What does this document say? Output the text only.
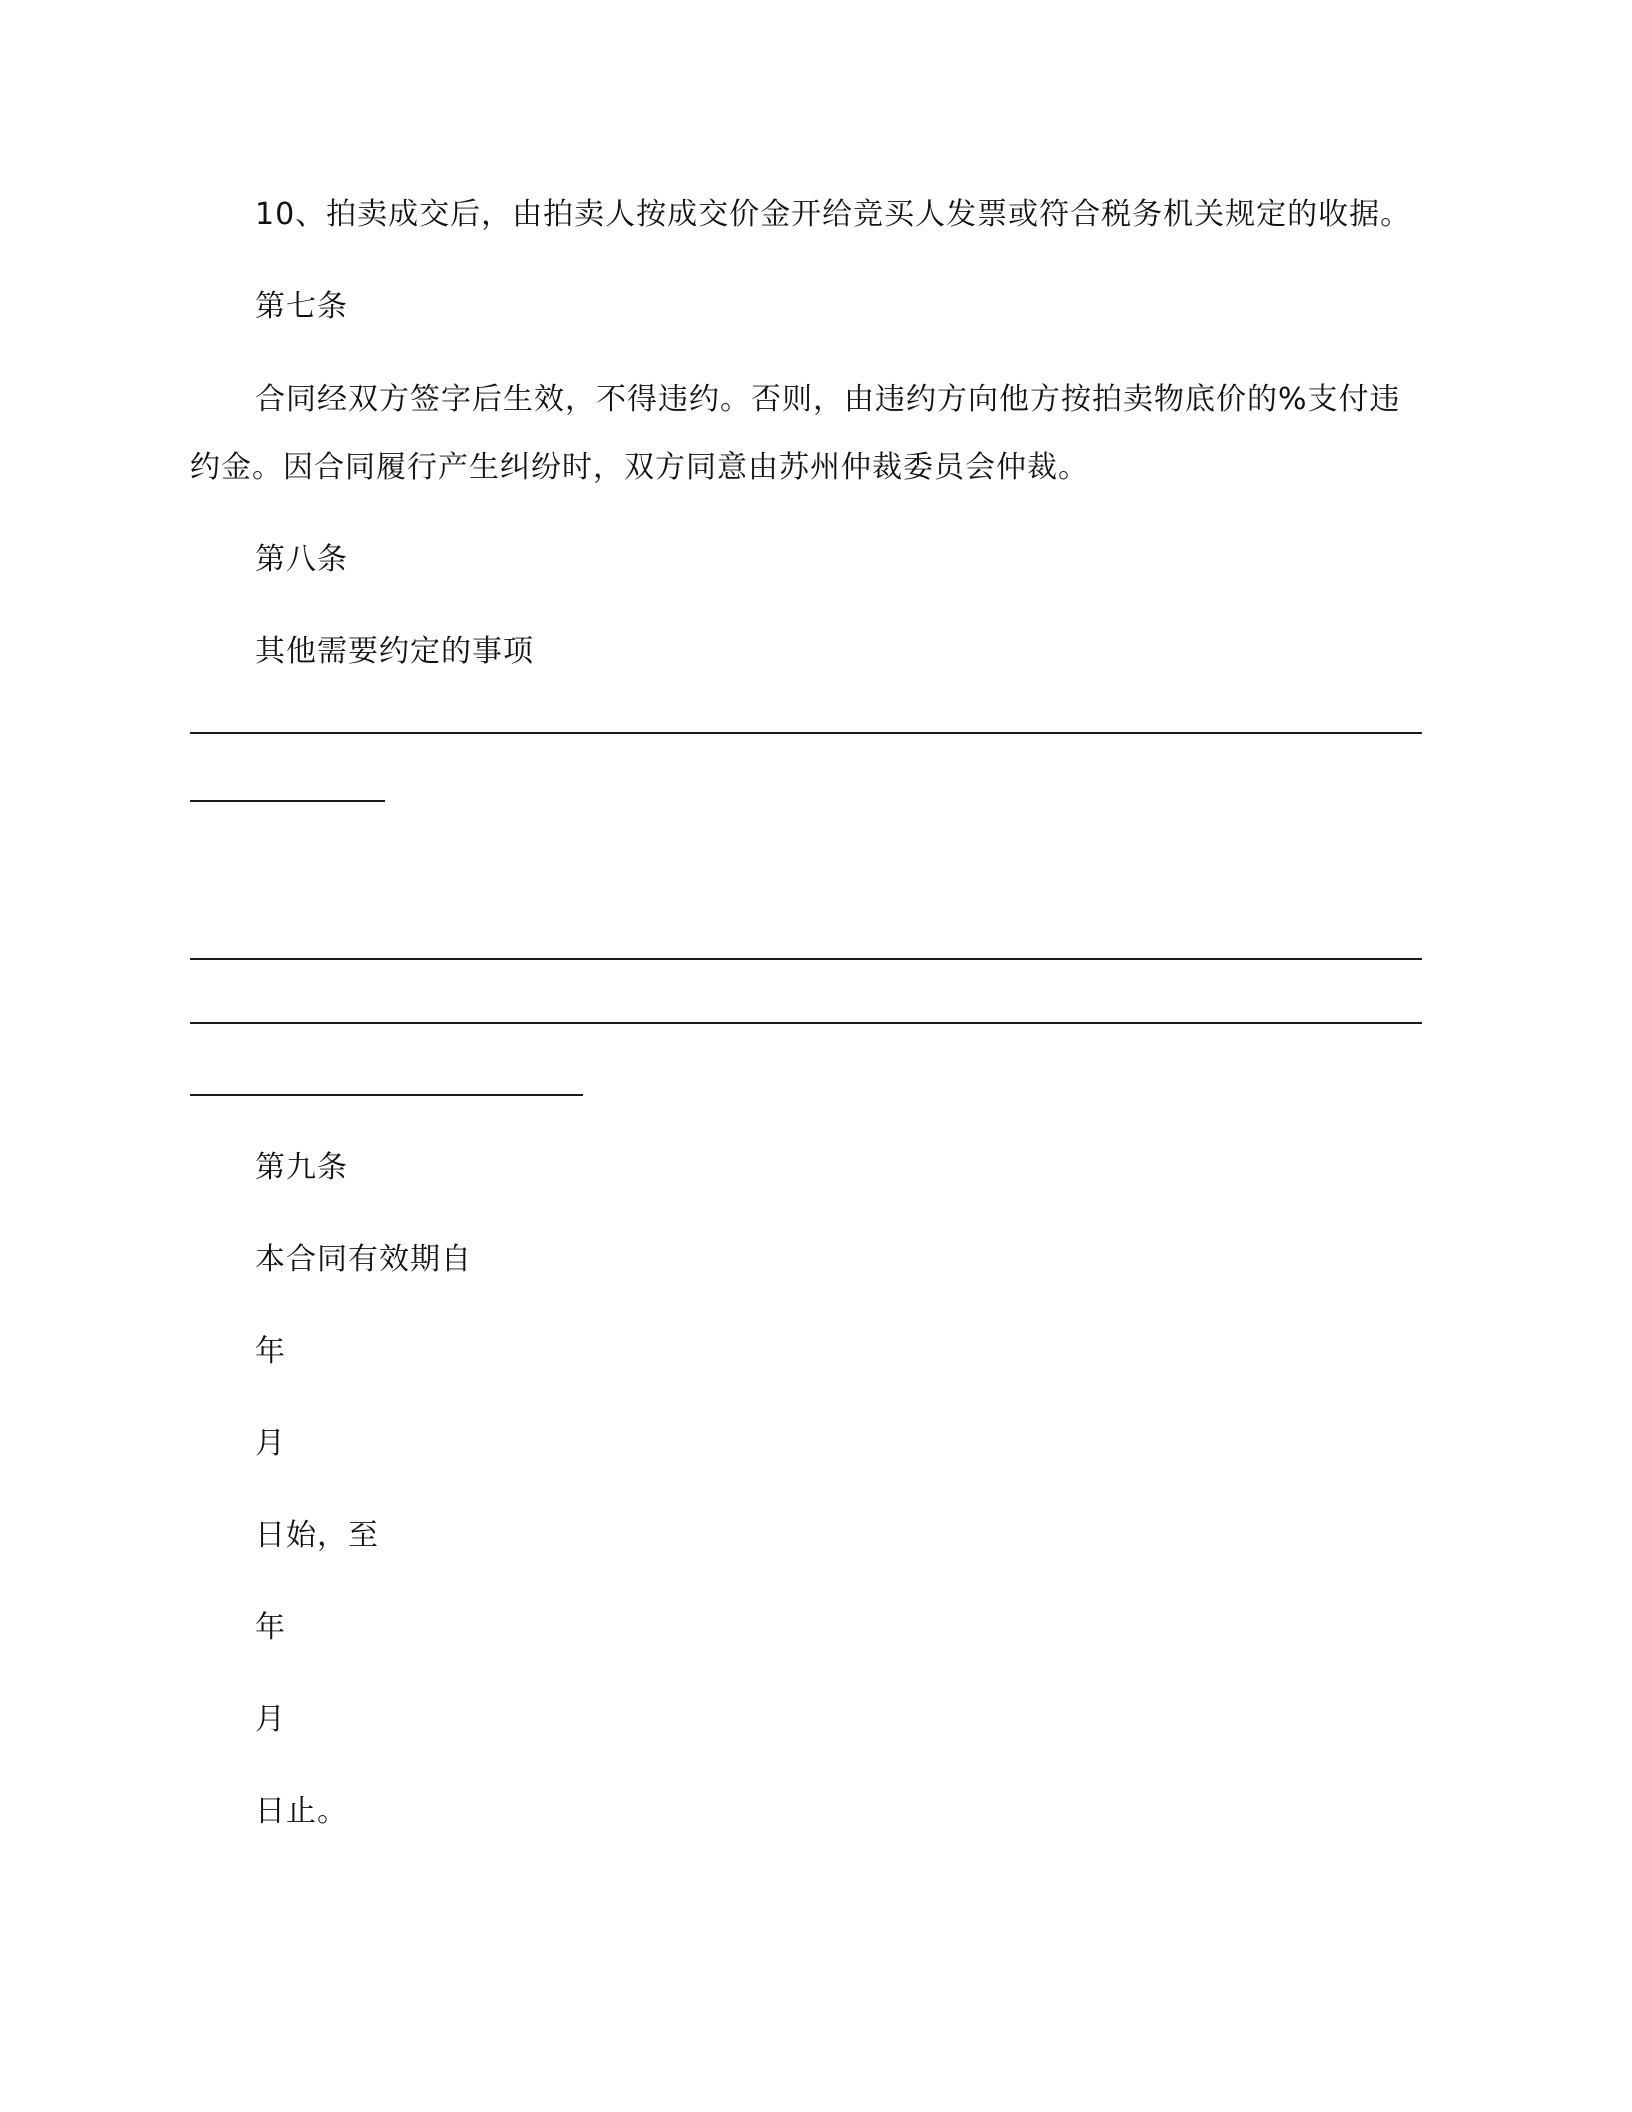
10、拍卖成交后，由拍卖人按成交价金开给竞买人发票或符合税务机关规定的收据。
第七条
合同经双方签字后生效，不得违约。否则，由违约方向他方按拍卖物底价的%支付违
约金。因合同履行产生纠纷时，双方同意由苏州仲裁委员会仲裁。
第八条
其他需要约定的事项
第九条
本合同有效期自
年
月
日始，至
年
月
日止。
